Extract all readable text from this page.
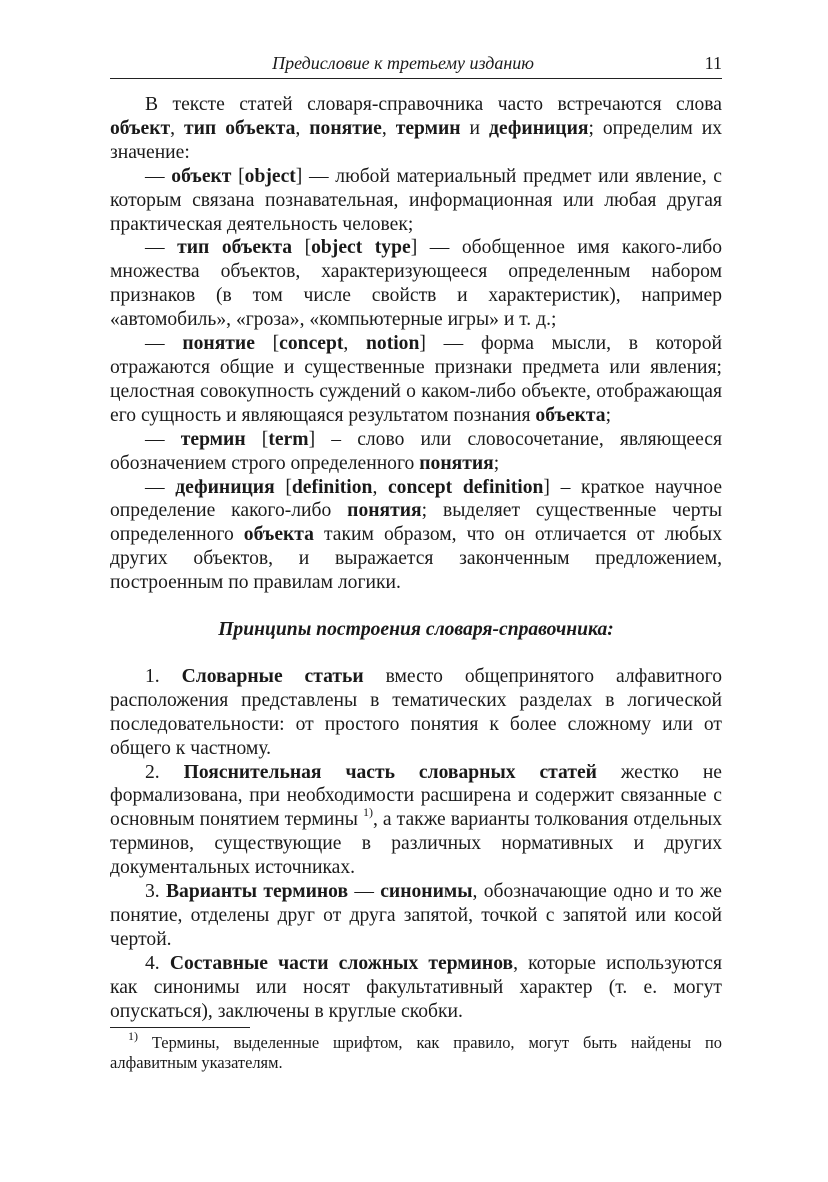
Предисловие к третьему изданию	11

В тексте статей словаря-справочника часто встречаются слова объект, тип объекта, понятие, термин и дефиниция; определим их значение:

— объект [object] — любой материальный предмет или явление, с которым связана познавательная, информационная или любая другая практическая деятельность человек;

— тип объекта [object type] — обобщенное имя какого-либо множества объектов, характеризующееся определенным набором признаков (в том числе свойств и характеристик), например «автомобиль», «гроза», «компьютерные игры» и т. д.;

— понятие [concept, notion] — форма мысли, в которой отражаются общие и существенные признаки предмета или явления; целостная совокупность суждений о каком-либо объекте, отображающая его сущность и являющаяся результатом познания объекта;

— термин [term] – слово или словосочетание, являющееся обозначением строго определенного понятия;

— дефиниция [definition, concept definition] – краткое научное определение какого-либо понятия; выделяет существенные черты определенного объекта таким образом, что он отличается от любых других объектов, и выражается законченным предложением, построенным по правилам логики.

Принципы построения словаря-справочника:

1. Словарные статьи вместо общепринятого алфавитного расположения представлены в тематических разделах в логической последовательности: от простого понятия к более сложному или от общего к частному.

2. Пояснительная часть словарных статей жестко не формализована, при необходимости расширена и содержит связанные с основным понятием термины $^{1)}$, а также варианты толкования отдельных терминов, существующие в различных нормативных и других документальных источниках.

3. Варианты терминов — синонимы, обозначающие одно и то же понятие, отделены друг от друга запятой, точкой с запятой или косой чертой.

4. Составные части сложных терминов, которые используются как синонимы или носят факультативный характер (т. е. могут опускаться), заключены в круглые скобки.

$^{1)}$ Термины, выделенные шрифтом, как правило, могут быть найдены по алфавитным указателям.
